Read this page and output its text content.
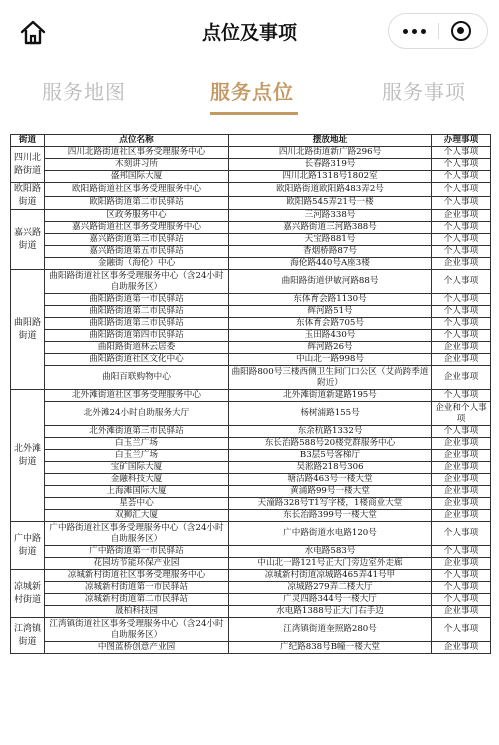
点位及事项
服务地图	服务点位	服务事项
街道	点位名称	摆放地址	办理事项
四川北路街道	四川北路街道社区事务受理服务中心	四川北路街道新广路296号	个人事项
	木刻讲习所	长春路319号	个人事项
	盛邦国际大厦	四川北路1318号1802室	个人事项
欧阳路街道	欧阳路街道社区事务受理服务中心	欧阳路街道欧阳路483弄2号	个人事项
	欧阳路街道第二市民驿站	欧阳路545弄21号一楼	个人事项
嘉兴路街道	区政务服务中心	三河路338号	企业事项
	嘉兴路街道社区事务受理服务中心	嘉兴路街道三河路388号	个人事项
	嘉兴路街道第三市民驿站	天宝路881号	个人事项
	嘉兴路街道第五市民驿站	香烟桥路87号	个人事项
	金融街（海伦）中心	海伦路440号A座3楼	企业事项
曲阳路街道	曲阳路街道社区事务受理服务中心（含24小时自助服务区）	曲阳路街道伊敏河路88号	个人事项
	曲阳路街道第一市民驿站	东体育会路1130号	个人事项
	曲阳路街道第二市民驿站	辉河路51号	个人事项
	曲阳路街道第三市民驿站	东体育会路705号	个人事项
	曲阳路街道第四市民驿站	玉田路430号	个人事项
	曲阳路街道林云居委	辉河路26号	企业事项
	曲阳路街道社区文化中心	中山北一路998号	企业事项
	曲阳百联购物中心	曲阳路800号三楼西侧卫生间门口公区（艾尚跨季道附近）	企业事项
北外滩街道	北外滩街道社区事务受理服务中心	北外滩街道新建路195号	个人事项
	北外滩24小时自助服务大厅	杨树浦路155号	企业和个人事项
	北外滩街道第三市民驿站	东余杭路1332号	个人事项
	白玉兰广场	东长治路588号20楼党群服务中心	企业事项
	白玉兰广场	B3层5号客梯厅	企业事项
	宝矿国际大厦	吴淞路218号306	企业事项
	金融科技大厦	塘沽路463号一楼大堂	企业事项
	上海滩国际大厦	黄浦路99号一楼大堂	企业事项
	星荟中心	天潼路328号T1写字楼，1楼商业大堂	企业事项
	双狮汇大厦	东长治路399号一楼大堂	企业事项
广中路街道	广中路街道社区事务受理服务中心（含24小时自助服务区）	广中路街道水电路120号	个人事项
	广中路街道第一市民驿站	水电路583号	个人事项
	花园坊节能环保产业园	中山北一路121号正大门旁边室外走廊	企业事项
凉城新村街道	凉城新村街道社区事务受理服务中心	凉城新村街道凉城路465弄41号甲	个人事项
	凉城新村街道第一市民驿站	凉城路279弄二楼大厅	个人事项
	凉城新村街道第二市民驿站	广灵四路344号一楼大厅	个人事项
	晟柏科技园	水电路1388号正大门右手边	企业事项
江湾镇街道	江湾镇街道社区事务受理服务中心（含24小时自助服务区）	江湾镇街道奎照路280号	个人事项
	中图蓝桥创意产业园	广纪路838号B幢一楼大堂	企业事项
